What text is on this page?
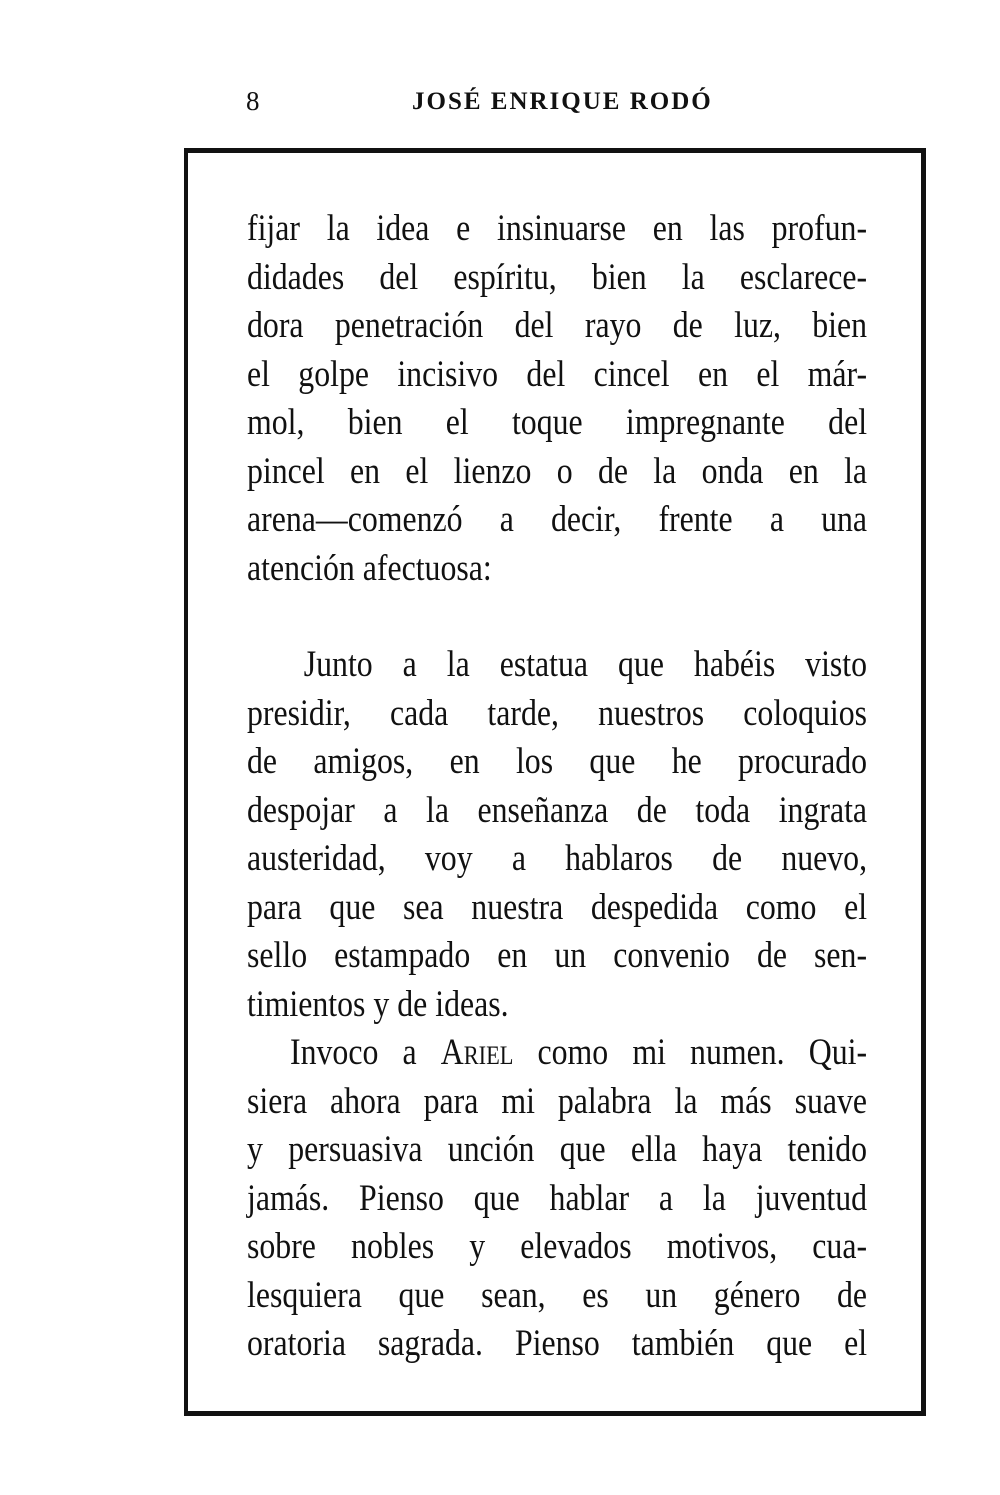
8	JOSÉ ENRIQUE RODÓ
fijar la idea e insinuarse en las profun-
didades del espíritu, bien la esclarece-
dora penetración del rayo de luz, bien
el golpe incisivo del cincel en el már-
mol, bien el toque impregnante del
pincel en el lienzo o de la onda en la
arena—comenzó a decir, frente a una
atención afectuosa:
Junto a la estatua que habéis visto
presidir, cada tarde, nuestros coloquios
de amigos, en los que he procurado
despojar a la enseñanza de toda ingrata
austeridad, voy a hablaros de nuevo,
para que sea nuestra despedida como el
sello estampado en un convenio de sen-
timientos y de ideas.
Invoco a Ariel como mi numen. Qui-
siera ahora para mi palabra la más suave
y persuasiva unción que ella haya tenido
jamás. Pienso que hablar a la juventud
sobre nobles y elevados motivos, cua-
lesquiera que sean, es un género de
oratoria sagrada. Pienso también que el
